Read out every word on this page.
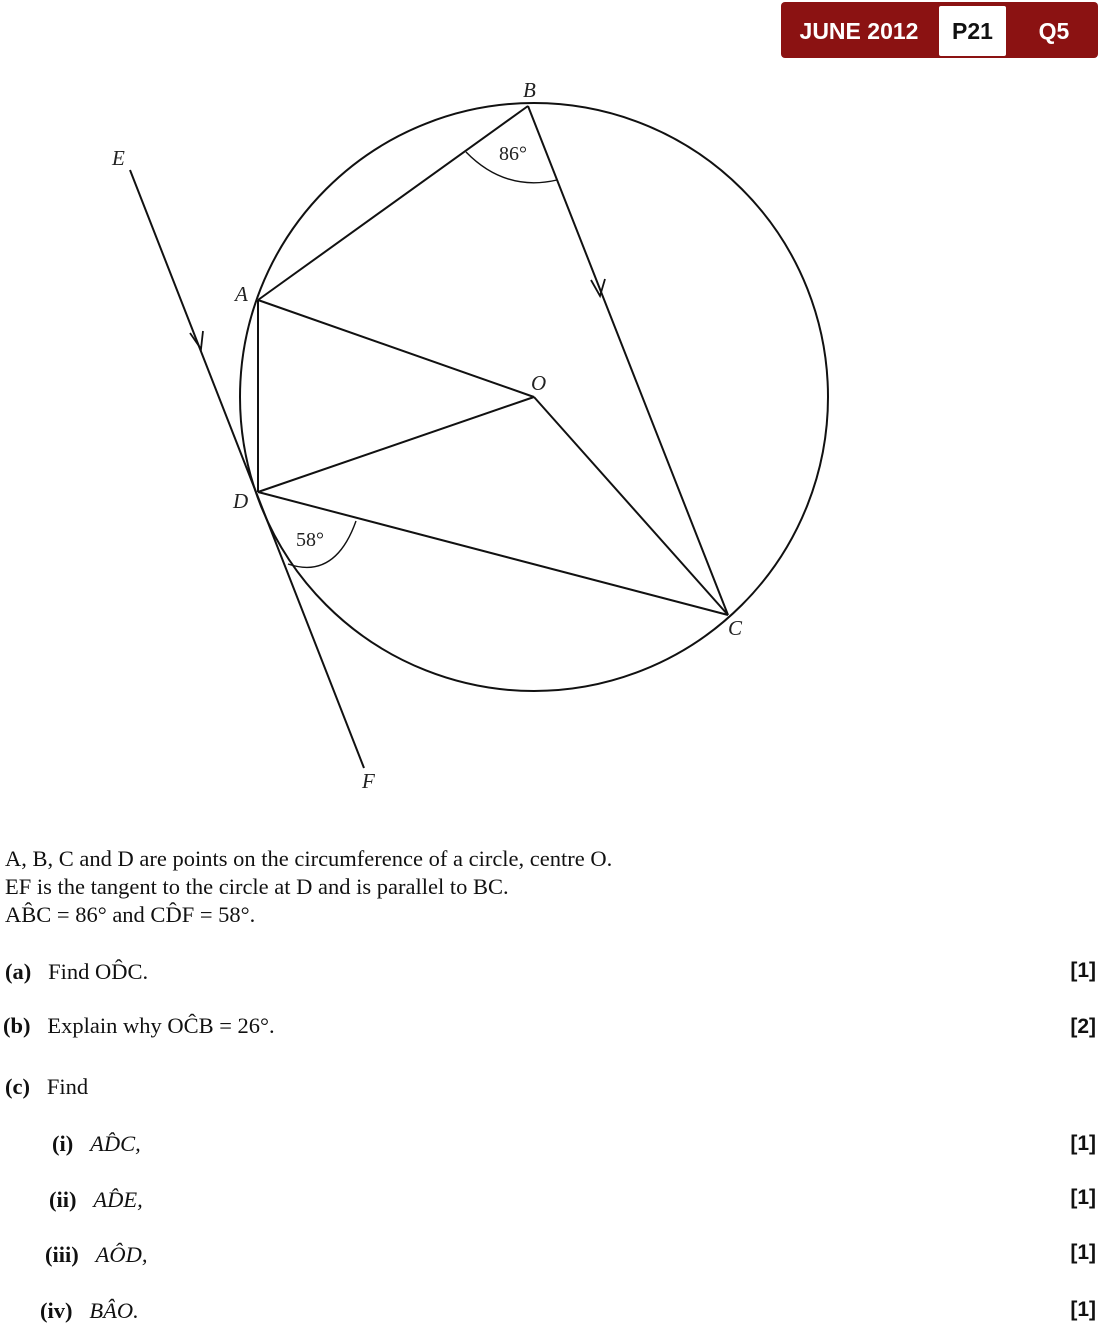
JUNE 2012	P21	Q5
B
E
A
O
D
C
F
86°
58°
A, B, C and D are points on the circumference of a circle, centre O.
EF is the tangent to the circle at D and is parallel to BC.
AB̂C = 86° and CD̂F = 58°.
(a) Find OD̂C.	[1]
(b) Explain why OĈB = 26°.	[2]
(c) Find
(i) AD̂C,	[1]
(ii) AD̂E,	[1]
(iii) AÔD,	[1]
(iv) BÂO.	[1]
